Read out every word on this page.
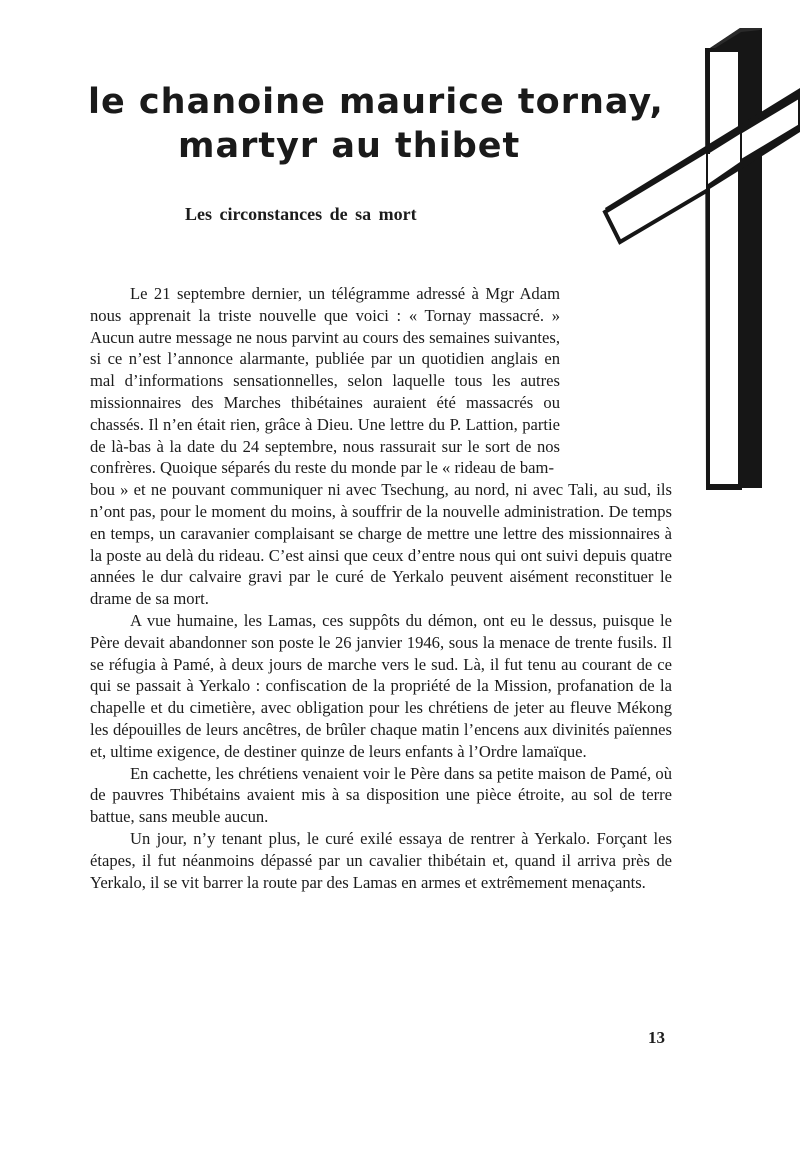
le chanoine maurice tornay,
martyr au thibet
Les circonstances de sa mort

Le 21 septembre dernier, un télégramme adressé à Mgr Adam nous apprenait la triste nouvelle que voici : « Tornay massacré. » Aucun autre message ne nous parvint au cours des semaines suivantes, si ce n’est l’annonce alarmante, publiée par un quotidien anglais en mal d’informations sensationnelles, selon laquelle tous les autres missionnaires des Marches thibétaines auraient été massacrés ou chassés. Il n’en était rien, grâce à Dieu. Une lettre du P. Lattion, partie de là-bas à la date du 24 septembre, nous rassurait sur le sort de nos confrères. Quoique séparés du reste du monde par le « rideau de bam-

bou » et ne pouvant communiquer ni avec Tsechung, au nord, ni avec Tali, au sud, ils n’ont pas, pour le moment du moins, à souffrir de la nouvelle administration. De temps en temps, un caravanier complaisant se charge de mettre une lettre des missionnaires à la poste au delà du rideau. C’est ainsi que ceux d’entre nous qui ont suivi depuis quatre années le dur calvaire gravi par le curé de Yerkalo peuvent aisément reconstituer le drame de sa mort.

A vue humaine, les Lamas, ces suppôts du démon, ont eu le dessus, puisque le Père devait abandonner son poste le 26 janvier 1946, sous la menace de trente fusils. Il se réfugia à Pamé, à deux jours de marche vers le sud. Là, il fut tenu au courant de ce qui se passait à Yerkalo : confiscation de la propriété de la Mission, profanation de la chapelle et du cimetière, avec obligation pour les chrétiens de jeter au fleuve Mékong les dépouilles de leurs ancêtres, de brûler chaque matin l’encens aux divinités païennes et, ultime exigence, de destiner quinze de leurs enfants à l’Ordre lamaïque.

En cachette, les chrétiens venaient voir le Père dans sa petite maison de Pamé, où de pauvres Thibétains avaient mis à sa disposition une pièce étroite, au sol de terre battue, sans meuble aucun.

Un jour, n’y tenant plus, le curé exilé essaya de rentrer à Yerkalo. Forçant les étapes, il fut néanmoins dépassé par un cavalier thibétain et, quand il arriva près de Yerkalo, il se vit barrer la route par des Lamas en armes et extrêmement menaçants.

13
